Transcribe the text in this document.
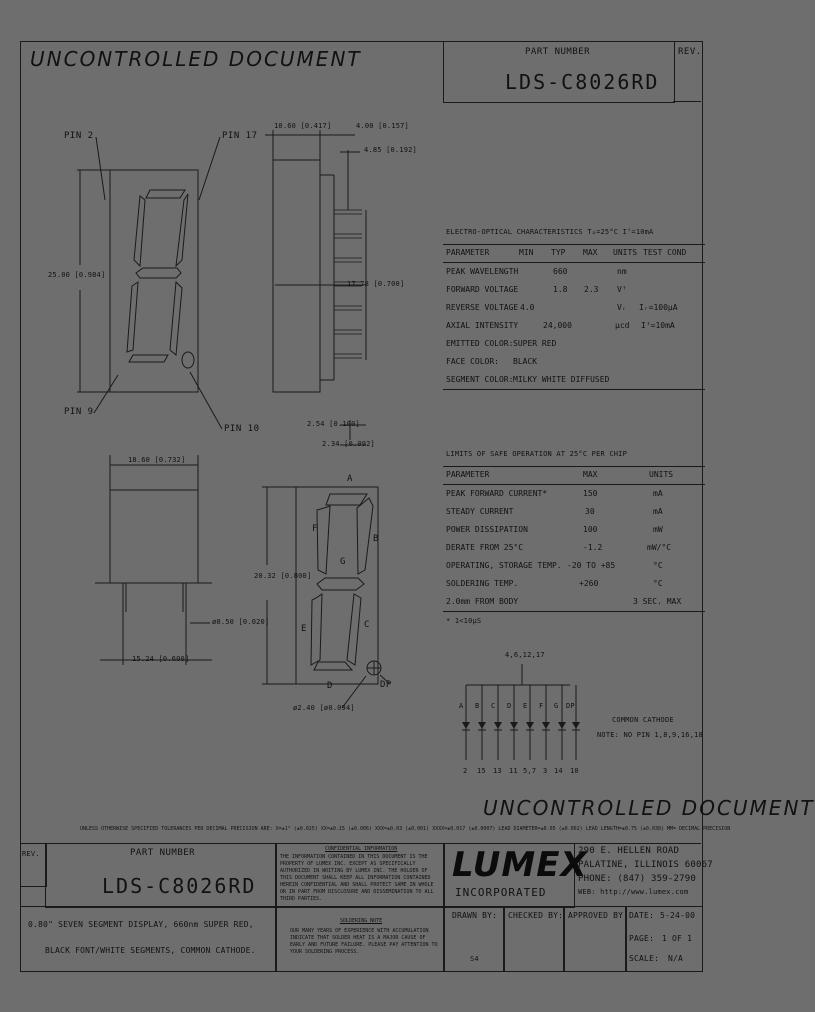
UNCONTROLLED DOCUMENT	PART NUMBER
LDS-C8026RD
REV.
PIN 2	PIN 17
PIN 9
PIN 10
25.00 [0.984]
10.60 [0.417]	4.00 [0.157]
4.85 [0.192]
17.78 [0.700]
2.54 [0.100]
2.34 [0.092]
18.60 [0.732]
ø0.50 [0.020]
15.24 [0.600]
A
B
C
D
E
F
G
DP
20.32 [0.800]
ø2.40 [ø0.094]
ELECTRO-OPTICAL CHARACTERISTICS Tₐ=25°C Iᶠ=10mA
PARAMETER	MIN TYP MAX UNITS TEST COND
PEAK WAVELENGTH	660	nm
FORWARD VOLTAGE	1.8 2.3 Vᶠ
REVERSE VOLTAGE 4.0	Vᵣ Iᵣ=100µA
AXIAL INTENSITY	24,000	µcd Iᶠ=10mA
EMITTED COLOR: SUPER RED
FACE COLOR: BLACK
SEGMENT COLOR: MILKY WHITE DIFFUSED
LIMITS OF SAFE OPERATION AT 25°C PER CHIP
PARAMETER	MAX	UNITS
PEAK FORWARD CURRENT*	150	mA
STEADY CURRENT	30	mA
POWER DISSIPATION	100	mW
DERATE FROM 25°C	-1.2	mW/°C
OPERATING, STORAGE TEMP. -20 TO +85	°C
SOLDERING TEMP.	+260	°C
2.0mm FROM BODY	3 SEC. MAX
* 1<10µS
4,6,12,17
A B C D E F G DP
2 15 13 11 5,7 3 14 10
COMMON CATHODE
NOTE: NO PIN 1,8,9,16,18
UNCONTROLLED DOCUMENT
UNLESS OTHERWISE SPECIFIED TOLERANCES PER DECIMAL PRECISION ARE: X=±1° (±0.025) XX=±0.15 (±0.006) XXX=±0.03 (±0.001) XXXX=±0.017 (±0.0007) LEAD DIAMETER=±0.05 (±0.002) LEAD LENGTH=±0.75 (±0.030) MM= DECIMAL PRECISION
REV.	PART NUMBER
LDS-C8026RD
CONFIDENTIAL INFORMATION
THE INFORMATION CONTAINED IN THIS DOCUMENT IS THE PROPERTY OF LUMEX INC. EXCEPT AS SPECIFICALLY AUTHORIZED IN WRITING BY LUMEX INC. THE HOLDER OF THIS DOCUMENT SHALL KEEP ALL INFORMATION CONTAINED HEREIN CONFIDENTIAL AND SHALL PROTECT SAME IN WHOLE OR IN PART FROM DISCLOSURE AND DISSEMINATION TO ALL THIRD PARTIES.
SOLDERING NOTE
OUR MANY YEARS OF EXPERIENCE WITH ACCUMULATION INDICATE THAT SOLDER HEAT IS A MAJOR CAUSE OF EARLY AND FUTURE FAILURE. PLEASE PAY ATTENTION TO YOUR SOLDERING PROCESS.
LUMEX
INCORPORATED
290 E. HELLEN ROAD
PALATINE, ILLINOIS 60067
PHONE: (847) 359-2790
WEB: http://www.lumex.com
0.80" SEVEN SEGMENT DISPLAY, 660nm SUPER RED,
BLACK FONT/WHITE SEGMENTS, COMMON CATHODE.
DRAWN BY:
S4
CHECKED BY: APPROVED BY: DATE: 5-24-00
PAGE: 1 OF 1
SCALE: N/A
